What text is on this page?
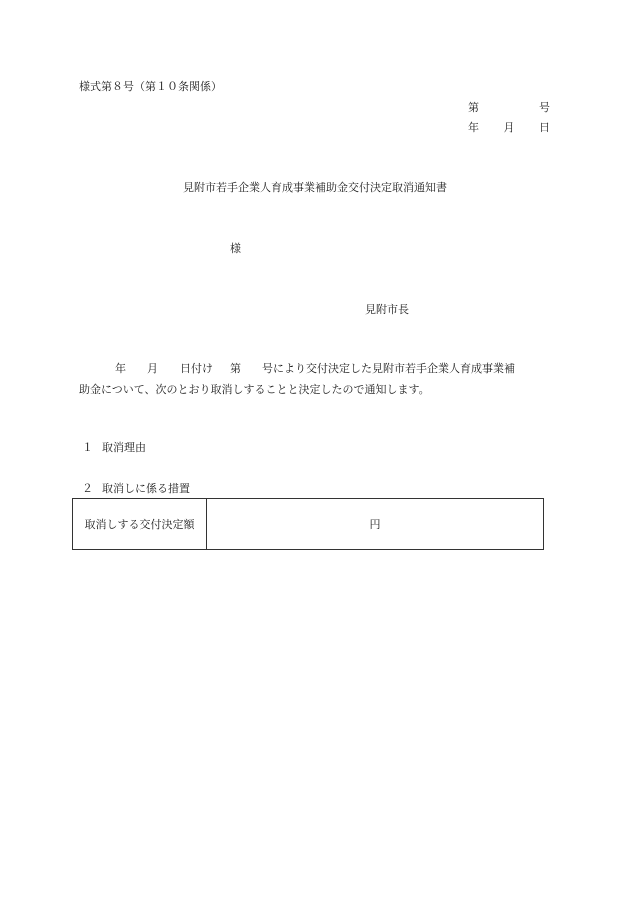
様式第８号（第１０条関係）
第	号
年 月 日
見附市若手企業人育成事業補助金交付決定取消通知書
様
見附市長
年 月 日付け 第 号により交付決定した見附市若手企業人育成事業補
助金について、次のとおり取消しすることと決定したので通知します。
１ 取消理由
２ 取消しに係る措置
取消しする交付決定額	円
